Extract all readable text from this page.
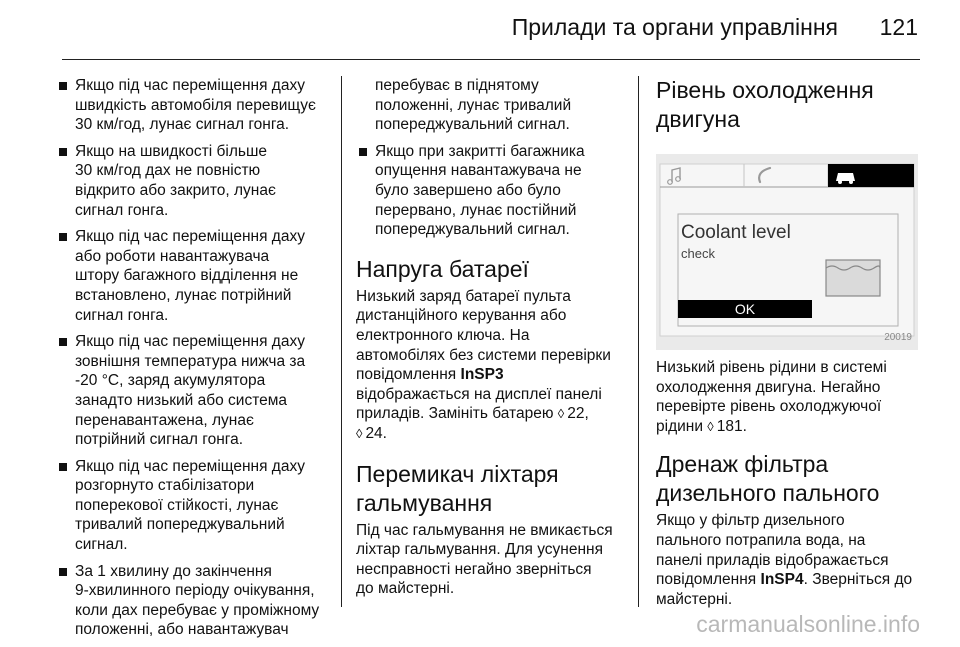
Прилади та органи управління 121
Якщо під час переміщення даху
швидкість автомобіля перевищує
30 км/год, лунає сигнал гонга.
Якщо на швидкості більше
30 км/год дах не повністю
відкрито або закрито, лунає
сигнал гонга.
Якщо під час переміщення даху
або роботи навантажувача
штору багажного відділення не
встановлено, лунає потрійний
сигнал гонга.
Якщо під час переміщення даху
зовнішня температура нижча за
-20 °C, заряд акумулятора
занадто низький або система
перенавантажена, лунає
потрійний сигнал гонга.
Якщо під час переміщення даху
розгорнуто стабілізатори
поперекової стійкості, лунає
тривалий попереджувальний
сигнал.
За 1 хвилину до закінчення
9-хвилинного періоду очікування,
коли дах перебуває у проміжному
положенні, або навантажувач
перебуває в піднятому
положенні, лунає тривалий
попереджувальний сигнал.
Якщо при закритті багажника
опущення навантажувача не
було завершено або було
перервано, лунає постійний
попереджувальний сигнал.
Напруга батареї
Низький заряд батареї пульта
дистанційного керування або
електронного ключа. На
автомобілях без системи перевірки
повідомлення InSP3
відображається на дисплеї панелі
приладів. Замініть батарею ◊ 22,
◊ 24.
Перемикач ліхтаря
гальмування
Під час гальмування не вмикається
ліхтар гальмування. Для усунення
несправності негайно зверніться
до майстерні.
Рівень охолодження
двигуна
Coolant level
check
OK
20019
Низький рівень рідини в системі
охолодження двигуна. Негайно
перевірте рівень охолоджуючої
рідини ◊ 181.
Дренаж фільтра
дизельного пального
Якщо у фільтр дизельного
пального потрапила вода, на
панелі приладів відображається
повідомлення InSP4. Зверніться до
майстерні.
carmanualsonline.info
